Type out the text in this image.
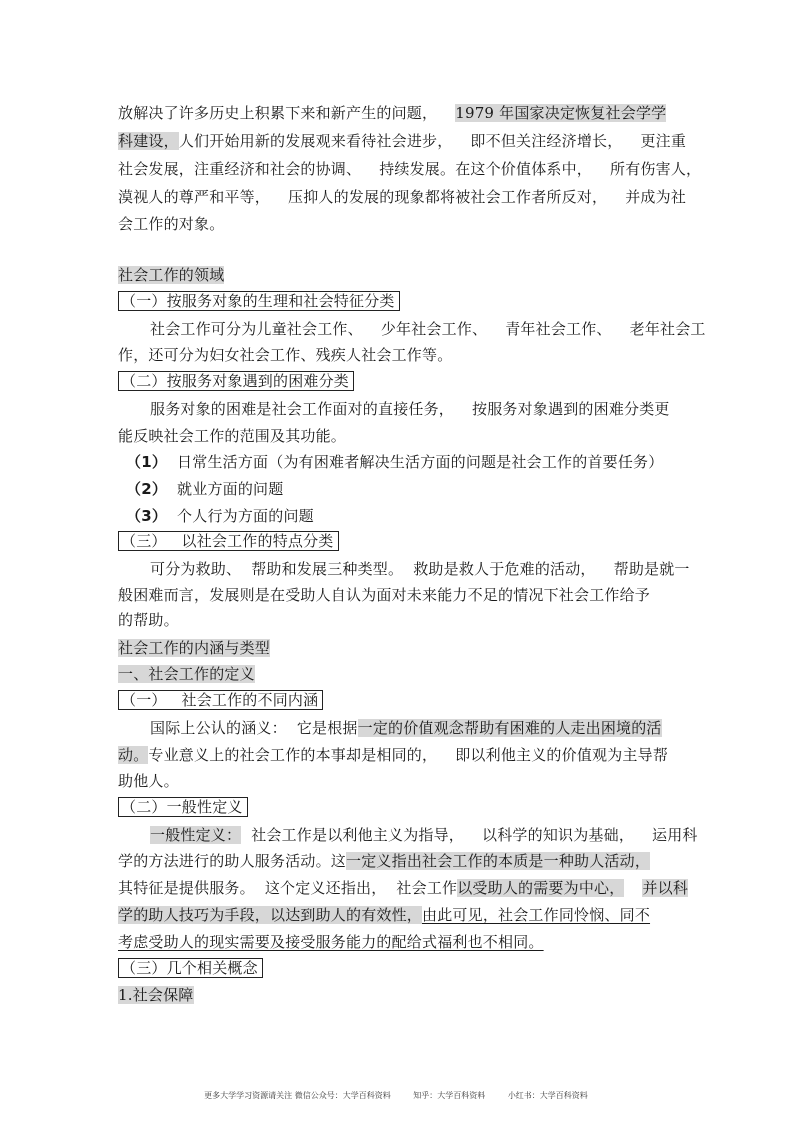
放解决了许多历史上积累下来和新产生的问题， 1979 年国家决定恢复社会学学
科建设，人们开始用新的发展观来看待社会进步， 即不但关注经济增长， 更注重
社会发展，注重经济和社会的协调、 持续发展。在这个价值体系中， 所有伤害人，
漠视人的尊严和平等， 压抑人的发展的现象都将被社会工作者所反对， 并成为社
会工作的对象。
社会工作的领域
（一）按服务对象的生理和社会特征分类
社会工作可分为儿童社会工作、 少年社会工作、 青年社会工作、 老年社会工
作，还可分为妇女社会工作、残疾人社会工作等。
（二）按服务对象遇到的困难分类
服务对象的困难是社会工作面对的直接任务， 按服务对象遇到的困难分类更
能反映社会工作的范围及其功能。
（1） 日常生活方面（为有困难者解决生活方面的问题是社会工作的首要任务）
（2） 就业方面的问题
（3） 个人行为方面的问题
（三）   以社会工作的特点分类
可分为救助、 帮助和发展三种类型。 救助是救人于危难的活动， 帮助是就一
般困难而言，发展则是在受助人自认为面对未来能力不足的情况下社会工作给予
的帮助。
社会工作的内涵与类型
一、社会工作的定义
（一）   社会工作的不同内涵
国际上公认的涵义： 它是根据一定的价值观念帮助有困难的人走出困境的活
动。专业意义上的社会工作的本事却是相同的， 即以利他主义的价值观为主导帮
助他人。
（二）一般性定义
一般性定义： 社会工作是以利他主义为指导， 以科学的知识为基础， 运用科
学的方法进行的助人服务活动。这一定义指出社会工作的本质是一种助人活动，
其特征是提供服务。 这个定义还指出， 社会工作以受助人的需要为中心， 并以科
学的助人技巧为手段，以达到助人的有效性，由此可见，社会工作同怜悯、同不
考虑受助人的现实需要及接受服务能力的配给式福利也不相同。
（三）几个相关概念
1.社会保障
更多大学学习资源请关注 微信公众号：大学百科资料	知乎：大学百科资料	小红书：大学百科资料
